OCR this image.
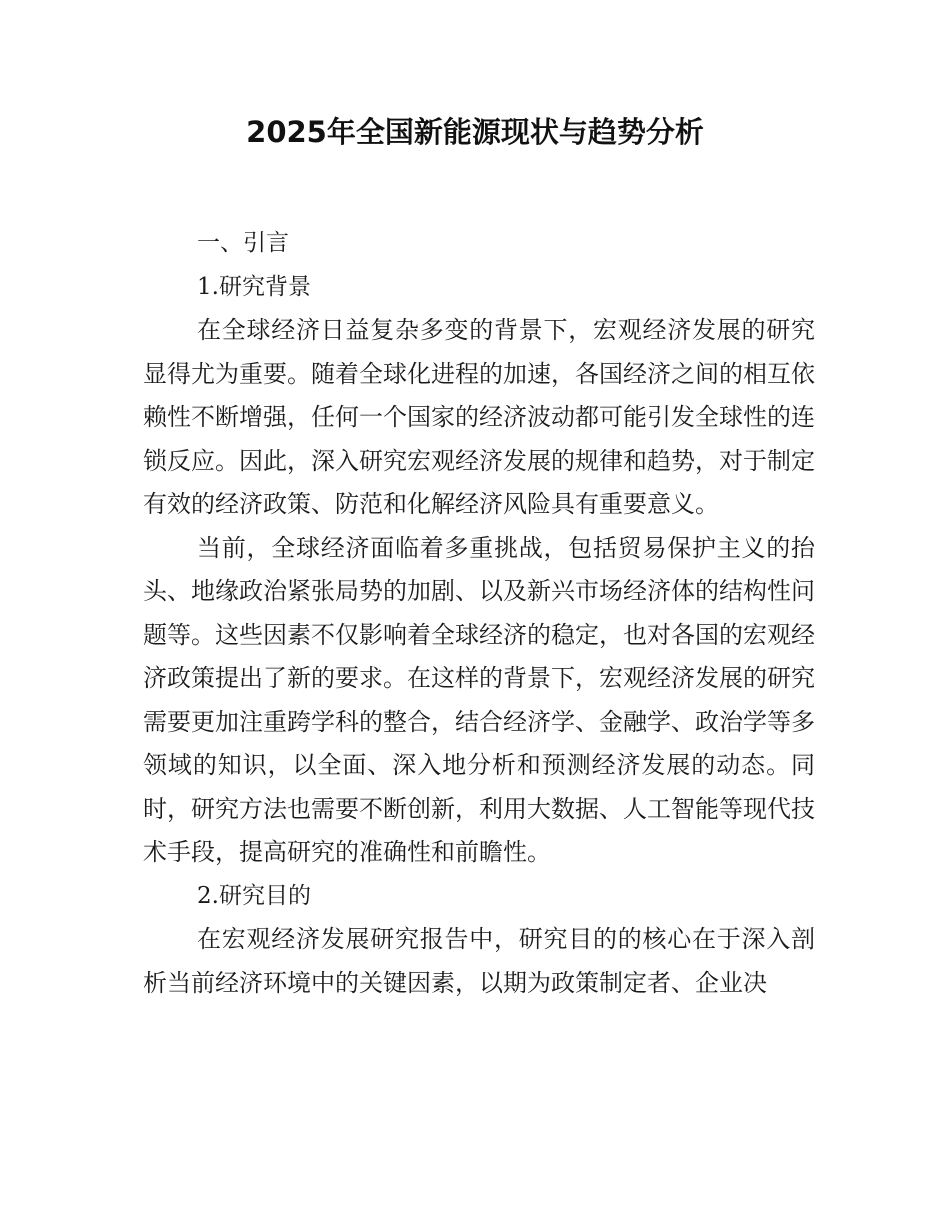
2025年全国新能源现状与趋势分析

一、引言

1.研究背景

在全球经济日益复杂多变的背景下，宏观经济发展的研究显得尤为重要。随着全球化进程的加速，各国经济之间的相互依赖性不断增强，任何一个国家的经济波动都可能引发全球性的连锁反应。因此，深入研究宏观经济发展的规律和趋势，对于制定有效的经济政策、防范和化解经济风险具有重要意义。

当前，全球经济面临着多重挑战，包括贸易保护主义的抬头、地缘政治紧张局势的加剧、以及新兴市场经济体的结构性问题等。这些因素不仅影响着全球经济的稳定，也对各国的宏观经济政策提出了新的要求。在这样的背景下，宏观经济发展的研究需要更加注重跨学科的整合，结合经济学、金融学、政治学等多领域的知识，以全面、深入地分析和预测经济发展的动态。同时，研究方法也需要不断创新，利用大数据、人工智能等现代技术手段，提高研究的准确性和前瞻性。

2.研究目的

在宏观经济发展研究报告中，研究目的的核心在于深入剖析当前经济环境中的关键因素，以期为政策制定者、企业决
